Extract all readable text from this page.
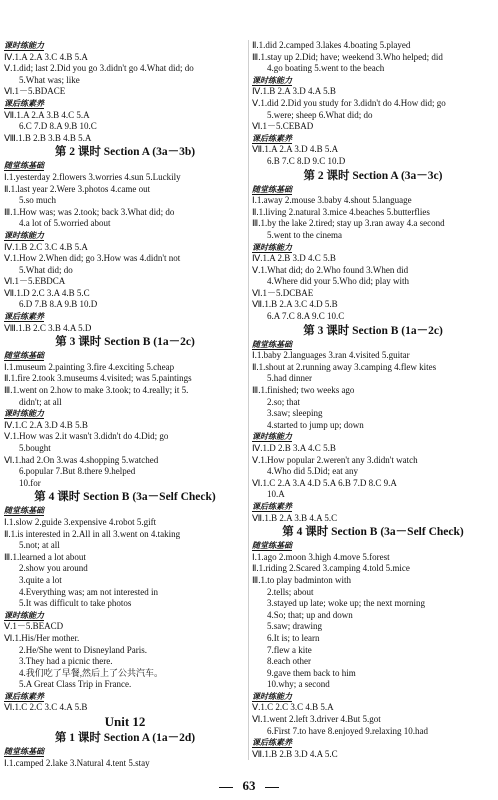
课时练能力
Ⅳ.1.A 2.A 3.C 4.B 5.A
Ⅴ.1.did; last 2.Did you go 3.didn't go 4.What did; do
5.What was; like
Ⅵ.1－5.BDACE
课后练素养
Ⅶ.1.A 2.A 3.B 4.C 5.A
6.C 7.D 8.A 9.B 10.C
Ⅷ.1.B 2.B 3.B 4.B 5.A
第 2 课时 Section A (3a－3b)
随堂练基础
Ⅰ.1.yesterday 2.flowers 3.worries 4.sun 5.Luckily
Ⅱ.1.last year 2.Were 3.photos 4.came out
5.so much
Ⅲ.1.How was; was 2.took; back 3.What did; do
4.a lot of 5.worried about
课时练能力
Ⅳ.1.B 2.C 3.C 4.B 5.A
Ⅴ.1.How 2.When did; go 3.How was 4.didn't not
5.What did; do
Ⅵ.1－5.EBDCA
Ⅶ.1.D 2.C 3.A 4.B 5.C
6.D 7.B 8.A 9.B 10.D
课后练素养
Ⅷ.1.B 2.C 3.B 4.A 5.D
第 3 课时 Section B (1a－2c)
随堂练基础
Ⅰ.1.museum 2.painting 3.fire 4.exciting 5.cheap
Ⅱ.1.fire 2.took 3.museums 4.visited; was 5.paintings
Ⅲ.1.went on 2.how to make 3.took; to 4.really; it 5.
didn't; at all
课时练能力
Ⅳ.1.C 2.A 3.D 4.B 5.B
Ⅴ.1.How was 2.it wasn't 3.didn't do 4.Did; go
5.bought
Ⅵ.1.had 2.On 3.was 4.shopping 5.watched
6.popular 7.But 8.there 9.helped
10.for
第 4 课时 Section B (3a－Self Check)
随堂练基础
Ⅰ.1.slow 2.guide 3.expensive 4.robot 5.gift
Ⅱ.1.is interested in 2.All in all 3.went on 4.taking
5.not; at all
Ⅲ.1.learned a lot about
2.show you around
3.quite a lot
4.Everything was; am not interested in
5.It was difficult to take photos
课时练能力
Ⅴ.1－5.BEACD
Ⅵ.1.His/Her mother.
2.He/She went to Disneyland Paris.
3.They had a picnic there.
4.我们吃了早餐,然后上了公共汽车。
5.A Great Class Trip in France.
课后练素养
Ⅵ.1.C 2.C 3.C 4.A 5.B
Unit 12
第 1 课时 Section A (1a－2d)
随堂练基础
Ⅰ.1.camped 2.lake 3.Natural 4.tent 5.stay
Ⅱ.1.did 2.camped 3.lakes 4.boating 5.played
Ⅲ.1.stay up 2.Did; have; weekend 3.Who helped; did
4.go boating 5.went to the beach
课时练能力
Ⅳ.1.B 2.A 3.D 4.A 5.B
Ⅴ.1.did 2.Did you study for 3.didn't do 4.How did; go
5.were; sheep 6.What did; do
Ⅵ.1－5.CEBAD
课后练素养
Ⅶ.1.A 2.A 3.D 4.B 5.A
6.B 7.C 8.D 9.C 10.D
第 2 课时 Section A (3a－3c)
随堂练基础
Ⅰ.1.away 2.mouse 3.baby 4.shout 5.language
Ⅱ.1.living 2.natural 3.mice 4.beaches 5.butterflies
Ⅲ.1.by the lake 2.tired; stay up 3.ran away 4.a second
5.went to the cinema
课时练能力
Ⅳ.1.A 2.B 3.D 4.C 5.B
Ⅴ.1.What did; do 2.Who found 3.When did
4.Where did your 5.Who did; play with
Ⅵ.1－5.DCBAE
Ⅶ.1.B 2.A 3.C 4.D 5.B
6.A 7.C 8.A 9.C 10.C
第 3 课时 Section B (1a－2c)
随堂练基础
Ⅰ.1.baby 2.languages 3.ran 4.visited 5.guitar
Ⅱ.1.shout at 2.running away 3.camping 4.flew kites
5.had dinner
Ⅲ.1.finished; two weeks ago
2.so; that
3.saw; sleeping
4.started to jump up; down
课时练能力
Ⅳ.1.D 2.B 3.A 4.C 5.B
Ⅴ.1.How popular 2.weren't any 3.didn't watch
4.Who did 5.Did; eat any
Ⅵ.1.C 2.A 3.A 4.D 5.A 6.B 7.D 8.C 9.A
10.A
课后练素养
Ⅶ.1.B 2.A 3.B 4.A 5.C
第 4 课时 Section B (3a－Self Check)
随堂练基础
Ⅰ.1.ago 2.moon 3.high 4.move 5.forest
Ⅱ.1.riding 2.Scared 3.camping 4.told 5.mice
Ⅲ.1.to play badminton with
2.tells; about
3.stayed up late; woke up; the next morning
4.So; that; up and down
5.saw; drawing
6.It is; to learn
7.flew a kite
8.each other
9.gave them back to him
10.why; a second
课时练能力
Ⅴ.1.C 2.C 3.C 4.B 5.A
Ⅵ.1.went 2.left 3.driver 4.But 5.got
6.First 7.to have 8.enjoyed 9.relaxing 10.had
课后练素养
Ⅶ.1.B 2.B 3.D 4.A 5.C
63
